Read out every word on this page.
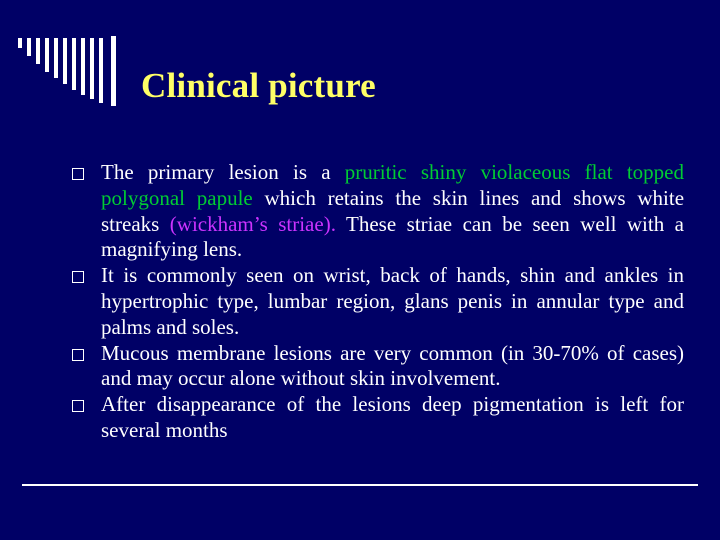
Clinical picture
The primary lesion is a pruritic shiny violaceous flat topped polygonal papule which retains the skin lines and shows white streaks (wickham’s striae). These striae can be seen well with a magnifying lens.
It is commonly seen on wrist, back of hands, shin and ankles in hypertrophic type, lumbar region, glans penis in annular type and palms and soles.
Mucous membrane lesions are very common (in 30-70% of cases) and may occur alone without skin involvement.
After disappearance of the lesions deep pigmentation is left for several months
